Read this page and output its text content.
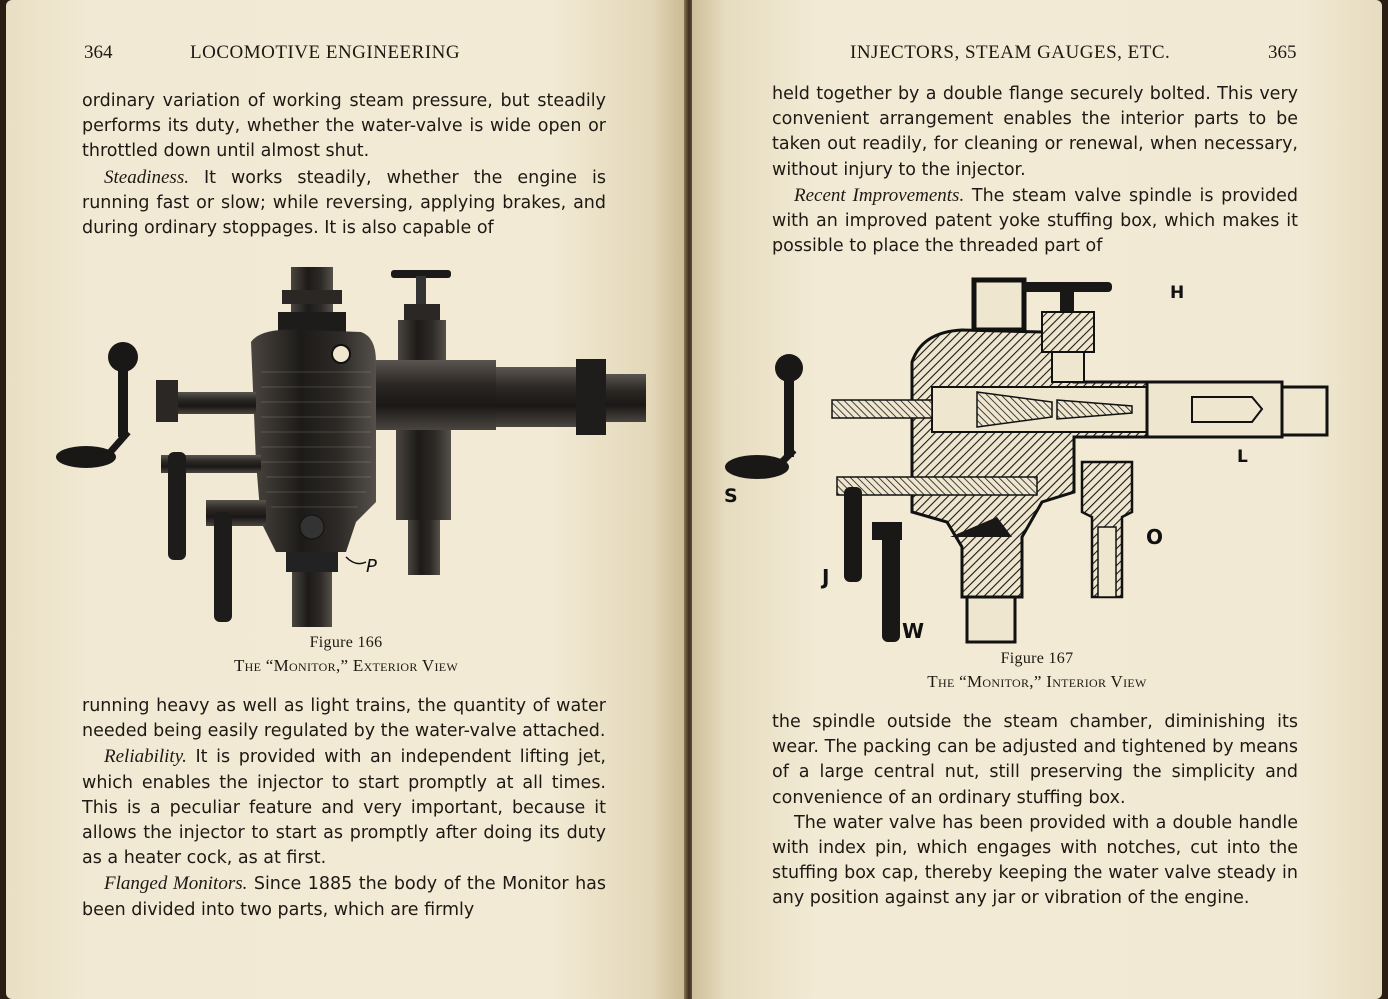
364	LOCOMOTIVE ENGINEERING

ordinary variation of working steam pressure, but steadily performs its duty, whether the water-valve is wide open or throttled down until almost shut.

Steadiness. It works steadily, whether the engine is running fast or slow; while reversing, applying brakes, and during ordinary stoppages. It is also capable of

P
Figure 166
The “Monitor,” Exterior View

running heavy as well as light trains, the quantity of water needed being easily regulated by the water-valve attached.

Reliability. It is provided with an independent lifting jet, which enables the injector to start promptly at all times. This is a peculiar feature and very important, because it allows the injector to start as promptly after doing its duty as a heater cock, as at first.

Flanged Monitors. Since 1885 the body of the Monitor has been divided into two parts, which are firmly

INJECTORS, STEAM GAUGES, ETC.	365

held together by a double flange securely bolted. This very convenient arrangement enables the interior parts to be taken out readily, for cleaning or renewal, when necessary, without injury to the injector.

Recent Improvements. The steam valve spindle is provided with an improved patent yoke stuffing box, which makes it possible to place the threaded part of

H
S
L
O
J
W
Figure 167
The “Monitor,” Interior View

the spindle outside the steam chamber, diminishing its wear. The packing can be adjusted and tightened by means of a large central nut, still preserving the simplicity and convenience of an ordinary stuffing box.

The water valve has been provided with a double handle with index pin, which engages with notches, cut into the stuffing box cap, thereby keeping the water valve steady in any position against any jar or vibration of the engine.
